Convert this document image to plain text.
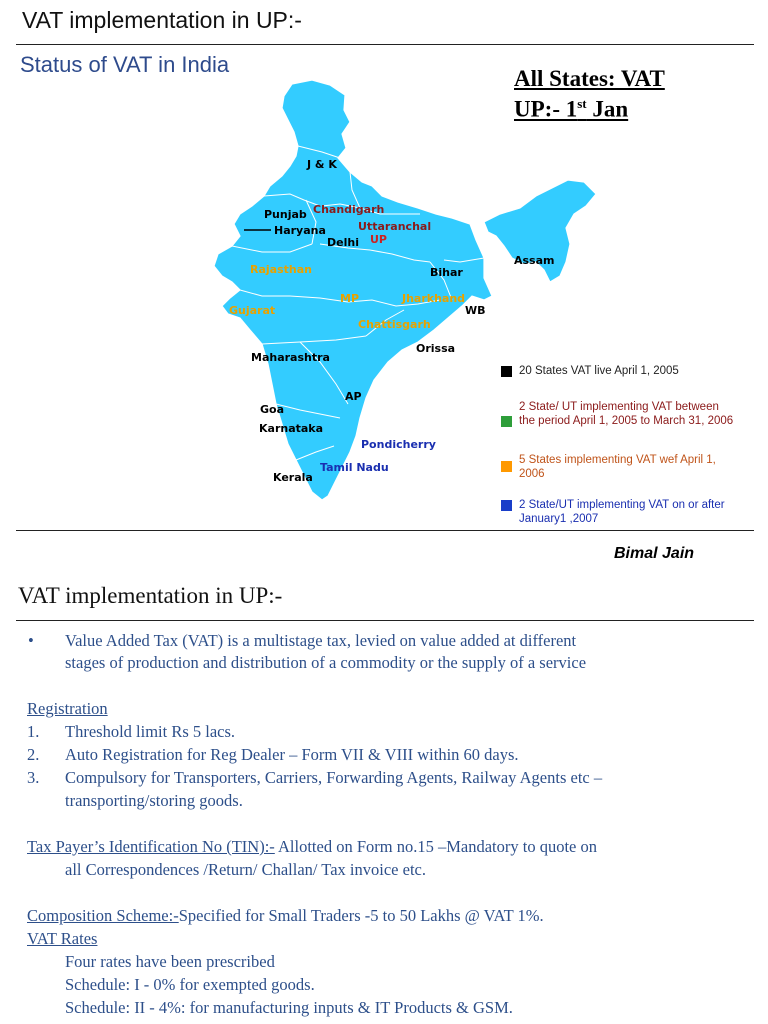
VAT implementation in UP:-
Status of VAT in India
All States: VAT
UP:- 1st Jan
J & K
Punjab Chandigarh
Haryana	Uttaranchal
Delhi UP
Rajasthan	Bihar
Assam
MP	Jharkhand
Gujarat	WB
Chattisgarh
Orissa
Maharashtra
AP
Goa
Karnataka
Pondicherry
Tamil Nadu
Kerala
20 States VAT live April 1, 2005
2 State/ UT implementing VAT between the period April 1, 2005 to March 31, 2006
5 States implementing VAT wef April 1, 2006
2 State/UT implementing VAT on or after January1 ,2007
Bimal Jain
VAT implementation in UP:-
• Value Added Tax (VAT) is a multistage tax, levied on value added at different
stages of production and distribution of a commodity or the supply of a service
Registration
1. Threshold limit Rs 5 lacs.
2. Auto Registration for Reg Dealer – Form VII & VIII within 60 days.
3. Compulsory for Transporters, Carriers, Forwarding Agents, Railway Agents etc –
transporting/storing goods.
Tax Payer’s Identification No (TIN):- Allotted on Form no.15 –Mandatory to quote on
all Correspondences /Return/ Challan/ Tax invoice etc.
Composition Scheme:-Specified for Small Traders -5 to 50 Lakhs @ VAT 1%.
VAT Rates
Four rates have been prescribed
Schedule: I - 0% for exempted goods.
Schedule: II - 4%: for manufacturing inputs & IT Products & GSM.
